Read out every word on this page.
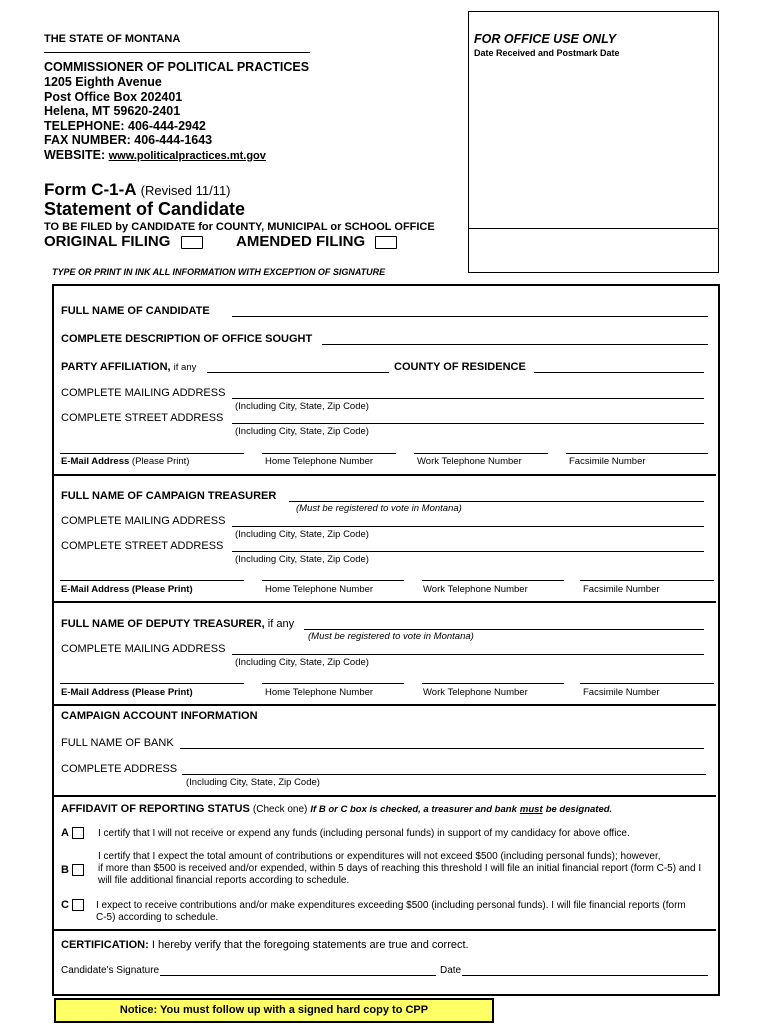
THE STATE OF MONTANA
COMMISSIONER OF POLITICAL PRACTICES
1205 Eighth Avenue
Post Office Box 202401
Helena, MT 59620-2401
TELEPHONE: 406-444-2942
FAX NUMBER: 406-444-1643
WEBSITE: www.politicalpractices.mt.gov
FOR OFFICE USE ONLY
Date Received and Postmark Date
Form C-1-A (Revised 11/11)
Statement of Candidate
TO BE FILED by CANDIDATE for COUNTY, MUNICIPAL or SCHOOL OFFICE
ORIGINAL FILING	AMENDED FILING
TYPE OR PRINT IN INK ALL INFORMATION WITH EXCEPTION OF SIGNATURE
FULL NAME OF CANDIDATE
COMPLETE DESCRIPTION OF OFFICE SOUGHT
PARTY AFFILIATION, if any	COUNTY OF RESIDENCE
COMPLETE MAILING ADDRESS
(Including City, State, Zip Code)
COMPLETE STREET ADDRESS
(Including City, State, Zip Code)
E-Mail Address (Please Print)	Home Telephone Number	Work Telephone Number	Facsimile Number
FULL NAME OF CAMPAIGN TREASURER
(Must be registered to vote in Montana)
COMPLETE MAILING ADDRESS
(Including City, State, Zip Code)
COMPLETE STREET ADDRESS
(Including City, State, Zip Code)
E-Mail Address (Please Print)	Home Telephone Number	Work Telephone Number	Facsimile Number
FULL NAME OF DEPUTY TREASURER, if any
(Must be registered to vote in Montana)
COMPLETE MAILING ADDRESS
(Including City, State, Zip Code)
E-Mail Address (Please Print)	Home Telephone Number	Work Telephone Number	Facsimile Number
CAMPAIGN ACCOUNT INFORMATION
FULL NAME OF BANK
COMPLETE ADDRESS
(Including City, State, Zip Code)
AFFIDAVIT OF REPORTING STATUS (Check one) If B or C box is checked, a treasurer and bank must be designated.
A	I certify that I will not receive or expend any funds (including personal funds) in support of my candidacy for above office.
B
I certify that I expect the total amount of contributions or expenditures will not exceed $500 (including personal funds); however,
if more than $500 is received and/or expended, within 5 days of reaching this threshold I will file an initial financial report (form C-5) and I
will file additional financial reports according to schedule.
C	I expect to receive contributions and/or make expenditures exceeding $500 (including personal funds). I will file financial reports (form
C-5) according to schedule.
CERTIFICATION: I hereby verify that the foregoing statements are true and correct.
Candidate's Signature	Date
Notice: You must follow up with a signed hard copy to CPP
